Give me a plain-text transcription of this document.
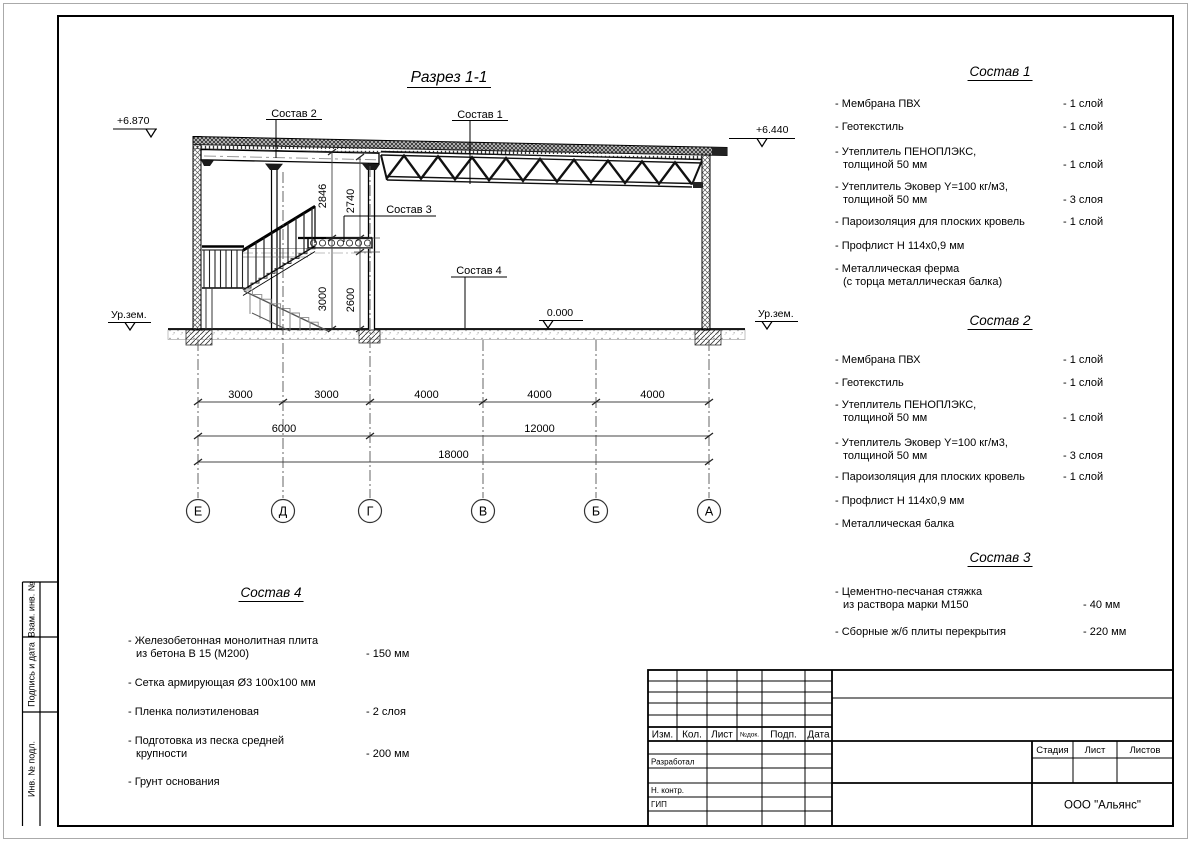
Взам. инв. №
Подпись и дата
Инв. № подл.
Разрез 1-1
2846 2740
3000 2600
+6.870
+6.440
Ур.зем.	Ур.зем.
0.000
Состав 2	Состав 1
Состав 3
Состав 4
3000	3000	4000	4000	4000
6000	12000
18000
Е	Д	Г	В	Б	А
Изм. Кол. Лист №док. Подп. Дата
Разработал
Н. контр.
ГИП
Стадия Лист	Листов
ООО "Альянс"
Состав 1
- Мембрана ПВХ	- 1 слой
- Геотекстиль	- 1 слой
- Утеплитель ПЕНОПЛЭКС,
толщиной 50 мм	- 1 слой
- Утеплитель Эковер Y=100 кг/м3,
толщиной 50 мм	- 3 слоя
- Пароизоляция для плоских кровель	- 1 слой
- Профлист Н 114х0,9 мм
- Металлическая ферма
(с торца металлическая балка)
Состав 2
- Мембрана ПВХ	- 1 слой
- Геотекстиль	- 1 слой
- Утеплитель ПЕНОПЛЭКС,
толщиной 50 мм	- 1 слой
- Утеплитель Эковер Y=100 кг/м3,
толщиной 50 мм	- 3 слоя
- Пароизоляция для плоских кровель	- 1 слой
- Профлист Н 114х0,9 мм
- Металлическая балка
Состав 3
- Цементно-песчаная стяжка
из раствора марки М150	- 40 мм
- Сборные ж/б плиты перекрытия	- 220 мм
Состав 4
- Железобетонная монолитная плита
из бетона В 15 (М200)	- 150 мм
- Сетка армирующая Ø3 100х100 мм
- Пленка полиэтиленовая	- 2 слоя
- Подготовка из песка средней
крупности	- 200 мм
- Грунт основания
